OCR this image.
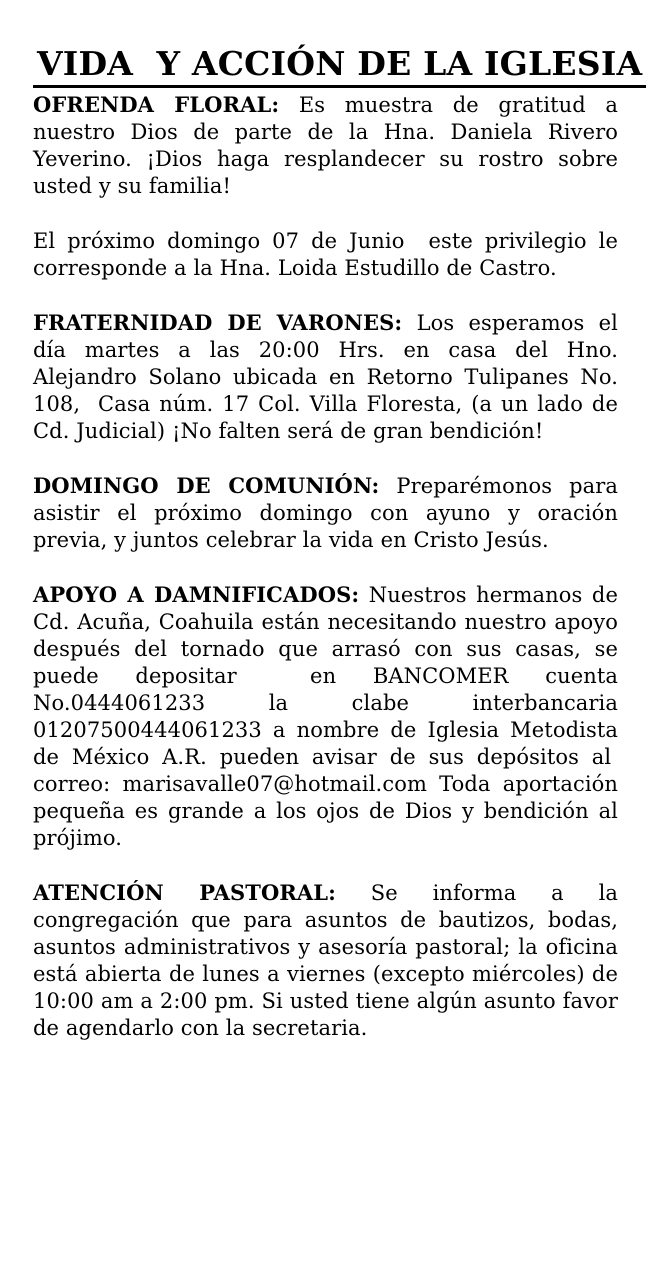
VIDA  Y ACCIÓN DE LA IGLESIA

OFRENDA FLORAL: Es muestra de gratitud a nuestro Dios de parte de la Hna. Daniela Rivero Yeverino. ¡Dios haga resplandecer su rostro sobre usted y su familia!

El próximo domingo 07 de Junio  este privilegio le corresponde a la Hna. Loida Estudillo de Castro.

FRATERNIDAD DE VARONES: Los esperamos el día martes a las 20:00 Hrs. en casa del Hno. Alejandro Solano ubicada en Retorno Tulipanes No. 108,  Casa núm. 17 Col. Villa Floresta, (a un lado de Cd. Judicial) ¡No falten será de gran bendición!

DOMINGO DE COMUNIÓN: Preparémonos para asistir el próximo domingo con ayuno y oración previa, y juntos celebrar la vida en Cristo Jesús.

APOYO A DAMNIFICADOS: Nuestros hermanos de Cd. Acuña, Coahuila están necesitando nuestro apoyo después del tornado que arrasó con sus casas, se puede depositar  en BANCOMER cuenta No.0444061233 la clabe interbancaria 01207500444061233 a nombre de Iglesia Metodista de México A.R. pueden avisar de sus depósitos al  correo: marisavalle07@hotmail.com Toda aportación pequeña es grande a los ojos de Dios y bendición al prójimo.

ATENCIÓN PASTORAL: Se informa a la congregación que para asuntos de bautizos, bodas, asuntos administrativos y asesoría pastoral; la oficina está abierta de lunes a viernes (excepto miércoles) de 10:00 am a 2:00 pm. Si usted tiene algún asunto favor de agendarlo con la secretaria.
